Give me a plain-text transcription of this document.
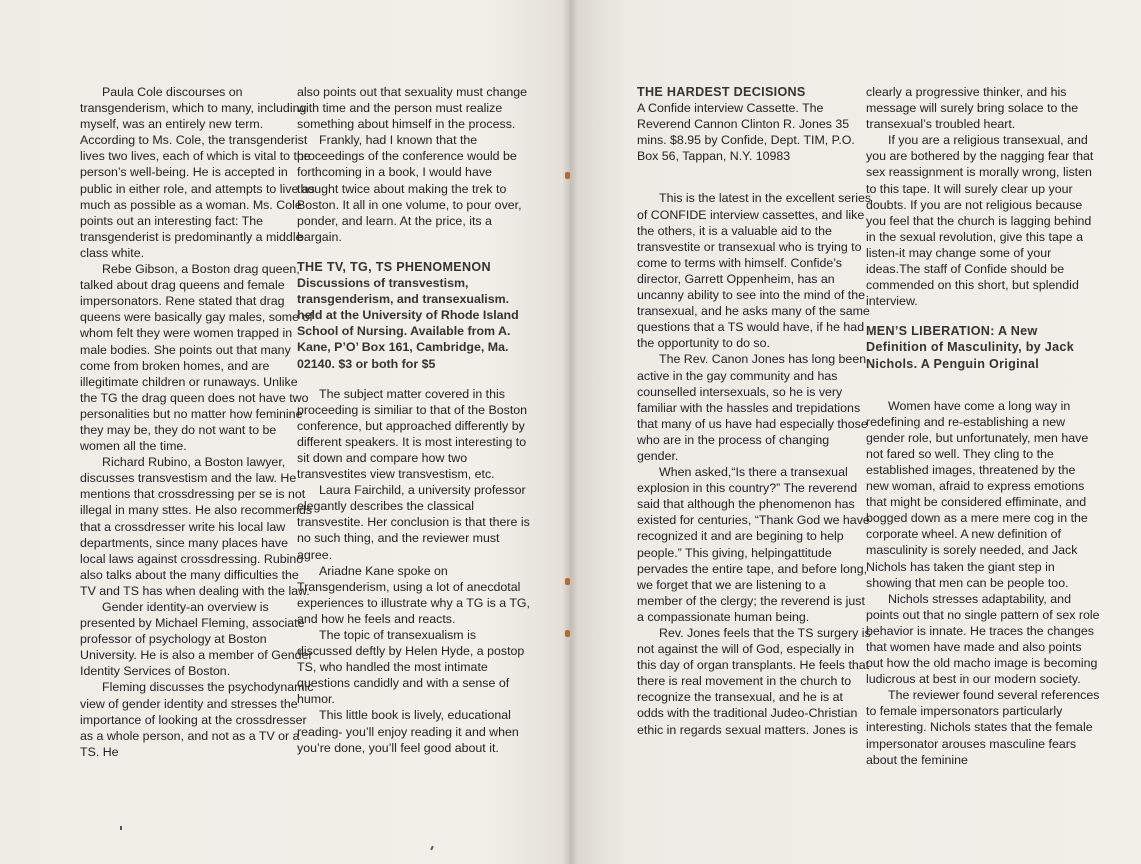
Paula Cole discourses on transgenderism, which to many, including myself, was an entirely new term. According to Ms. Cole, the transgenderist lives two lives, each of which is vital to the person’s well-being. He is accepted in public in either role, and attempts to live as much as possible as a woman. Ms. Cole points out an interesting fact: The transgenderist is predominantly a middle class white.

Rebe Gibson, a Boston drag queen, talked about drag queens and female impersonators. Rene stated that drag queens were basically gay males, some of whom felt they were women trapped in male bodies. She points out that many come from broken homes, and are illegitimate children or runaways. Unlike the TG the drag queen does not have two personalities but no matter how feminine they may be, they do not want to be women all the time.

Richard Rubino, a Boston lawyer, discusses transvestism and the law. He mentions that crossdressing per se is not illegal in many sttes. He also recommends that a crossdresser write his local law departments, since many places have local laws against crossdressing. Rubino also talks about the many difficulties the TV and TS has when dealing with the law.

Gender identity-an overview is presented by Michael Fleming, associate professor of psychology at Boston University. He is also a member of Gender Identity Services of Boston.

Fleming discusses the psychodynamic view of gender identity and stresses the importance of looking at the crossdresser as a whole person, and not as a TV or a TS. He

also points out that sexuality must change with time and the person must realize something about himself in the process.

Frankly, had I known that the proceedings of the conference would be forthcoming in a book, I would have thought twice about making the trek to Boston. It all in one volume, to pour over, ponder, and learn. At the price, its a bargain.

THE TV, TG, TS PHENOMENON

Discussions of transvestism, transgenderism, and transexualism. held at the University of Rhode Island School of Nursing. Available from A. Kane, P’O’ Box 161, Cambridge, Ma. 02140. $3 or both for $5

The subject matter covered in this proceeding is similiar to that of the Boston conference, but approached differently by different speakers. It is most interesting to sit down and compare how two transvestites view transvestism, etc.

Laura Fairchild, a university professor elegantly describes the classical transvestite. Her conclusion is that there is no such thing, and the reviewer must agree.

Ariadne Kane spoke on Transgenderism, using a lot of anecdotal experiences to illustrate why a TG is a TG, and how he feels and reacts.

The topic of transexualism is discussed deftly by Helen Hyde, a postop TS, who handled the most intimate questions candidly and with a sense of humor.

This little book is lively, educational reading- you’ll enjoy reading it and when you’re done, you’ll feel good about it.

THE HARDEST DECISIONS

A Confide interview Cassette. The Reverend Cannon Clinton R. Jones 35 mins. $8.95 by Confide, Dept. TIM, P.O. Box 56, Tappan, N.Y. 10983

This is the latest in the excellent series of CONFIDE interview cassettes, and like the others, it is a valuable aid to the transvestite or transexual who is trying to come to terms with himself. Confide’s director, Garrett Oppenheim, has an uncanny ability to see into the mind of the transexual, and he asks many of the same questions that a TS would have, if he had the opportunity to do so.

The Rev. Canon Jones has long been active in the gay community and has counselled intersexuals, so he is very familiar with the hassles and trepidations that many of us have had especially those who are in the process of changing gender.

When asked,“Is there a transexual explosion in this country?” The reverend said that although the phenomenon has existed for centuries, “Thank God we have recognized it and are begining to help people.” This giving, helpingattitude pervades the entire tape, and before long, we forget that we are listening to a member of the clergy; the reverend is just a compassionate human being.

Rev. Jones feels that the TS surgery is not against the will of God, especially in this day of organ transplants. He feels that there is real movement in the church to recognize the transexual, and he is at odds with the traditional Judeo-Christian ethic in regards sexual matters. Jones is

clearly a progressive thinker, and his message will surely bring solace to the transexual’s troubled heart.

If you are a religious transexual, and you are bothered by the nagging fear that sex reassignment is morally wrong, listen to this tape. It will surely clear up your doubts. If you are not religious because you feel that the church is lagging behind in the sexual revolution, give this tape a listen-it may change some of your ideas.The staff of Confide should be commended on this short, but splendid interview.

MEN’S LIBERATION: A New Definition of Masculinity, by Jack Nichols. A Penguin Original

Women have come a long way in redefining and re-establishing a new gender role, but unfortunately, men have not fared so well. They cling to the established images, threatened by the new woman, afraid to express emotions that might be considered effiminate, and bogged down as a mere mere cog in the corporate wheel. A new definition of masculinity is sorely needed, and Jack Nichols has taken the giant step in showing that men can be people too.

Nichols stresses adaptability, and points out that no single pattern of sex role behavior is innate. He traces the changes that women have made and also points out how the old macho image is becoming ludicrous at best in our modern society.

The reviewer found several references to female impersonators particularly interesting. Nichols states that the female impersonator arouses masculine fears about the feminine
